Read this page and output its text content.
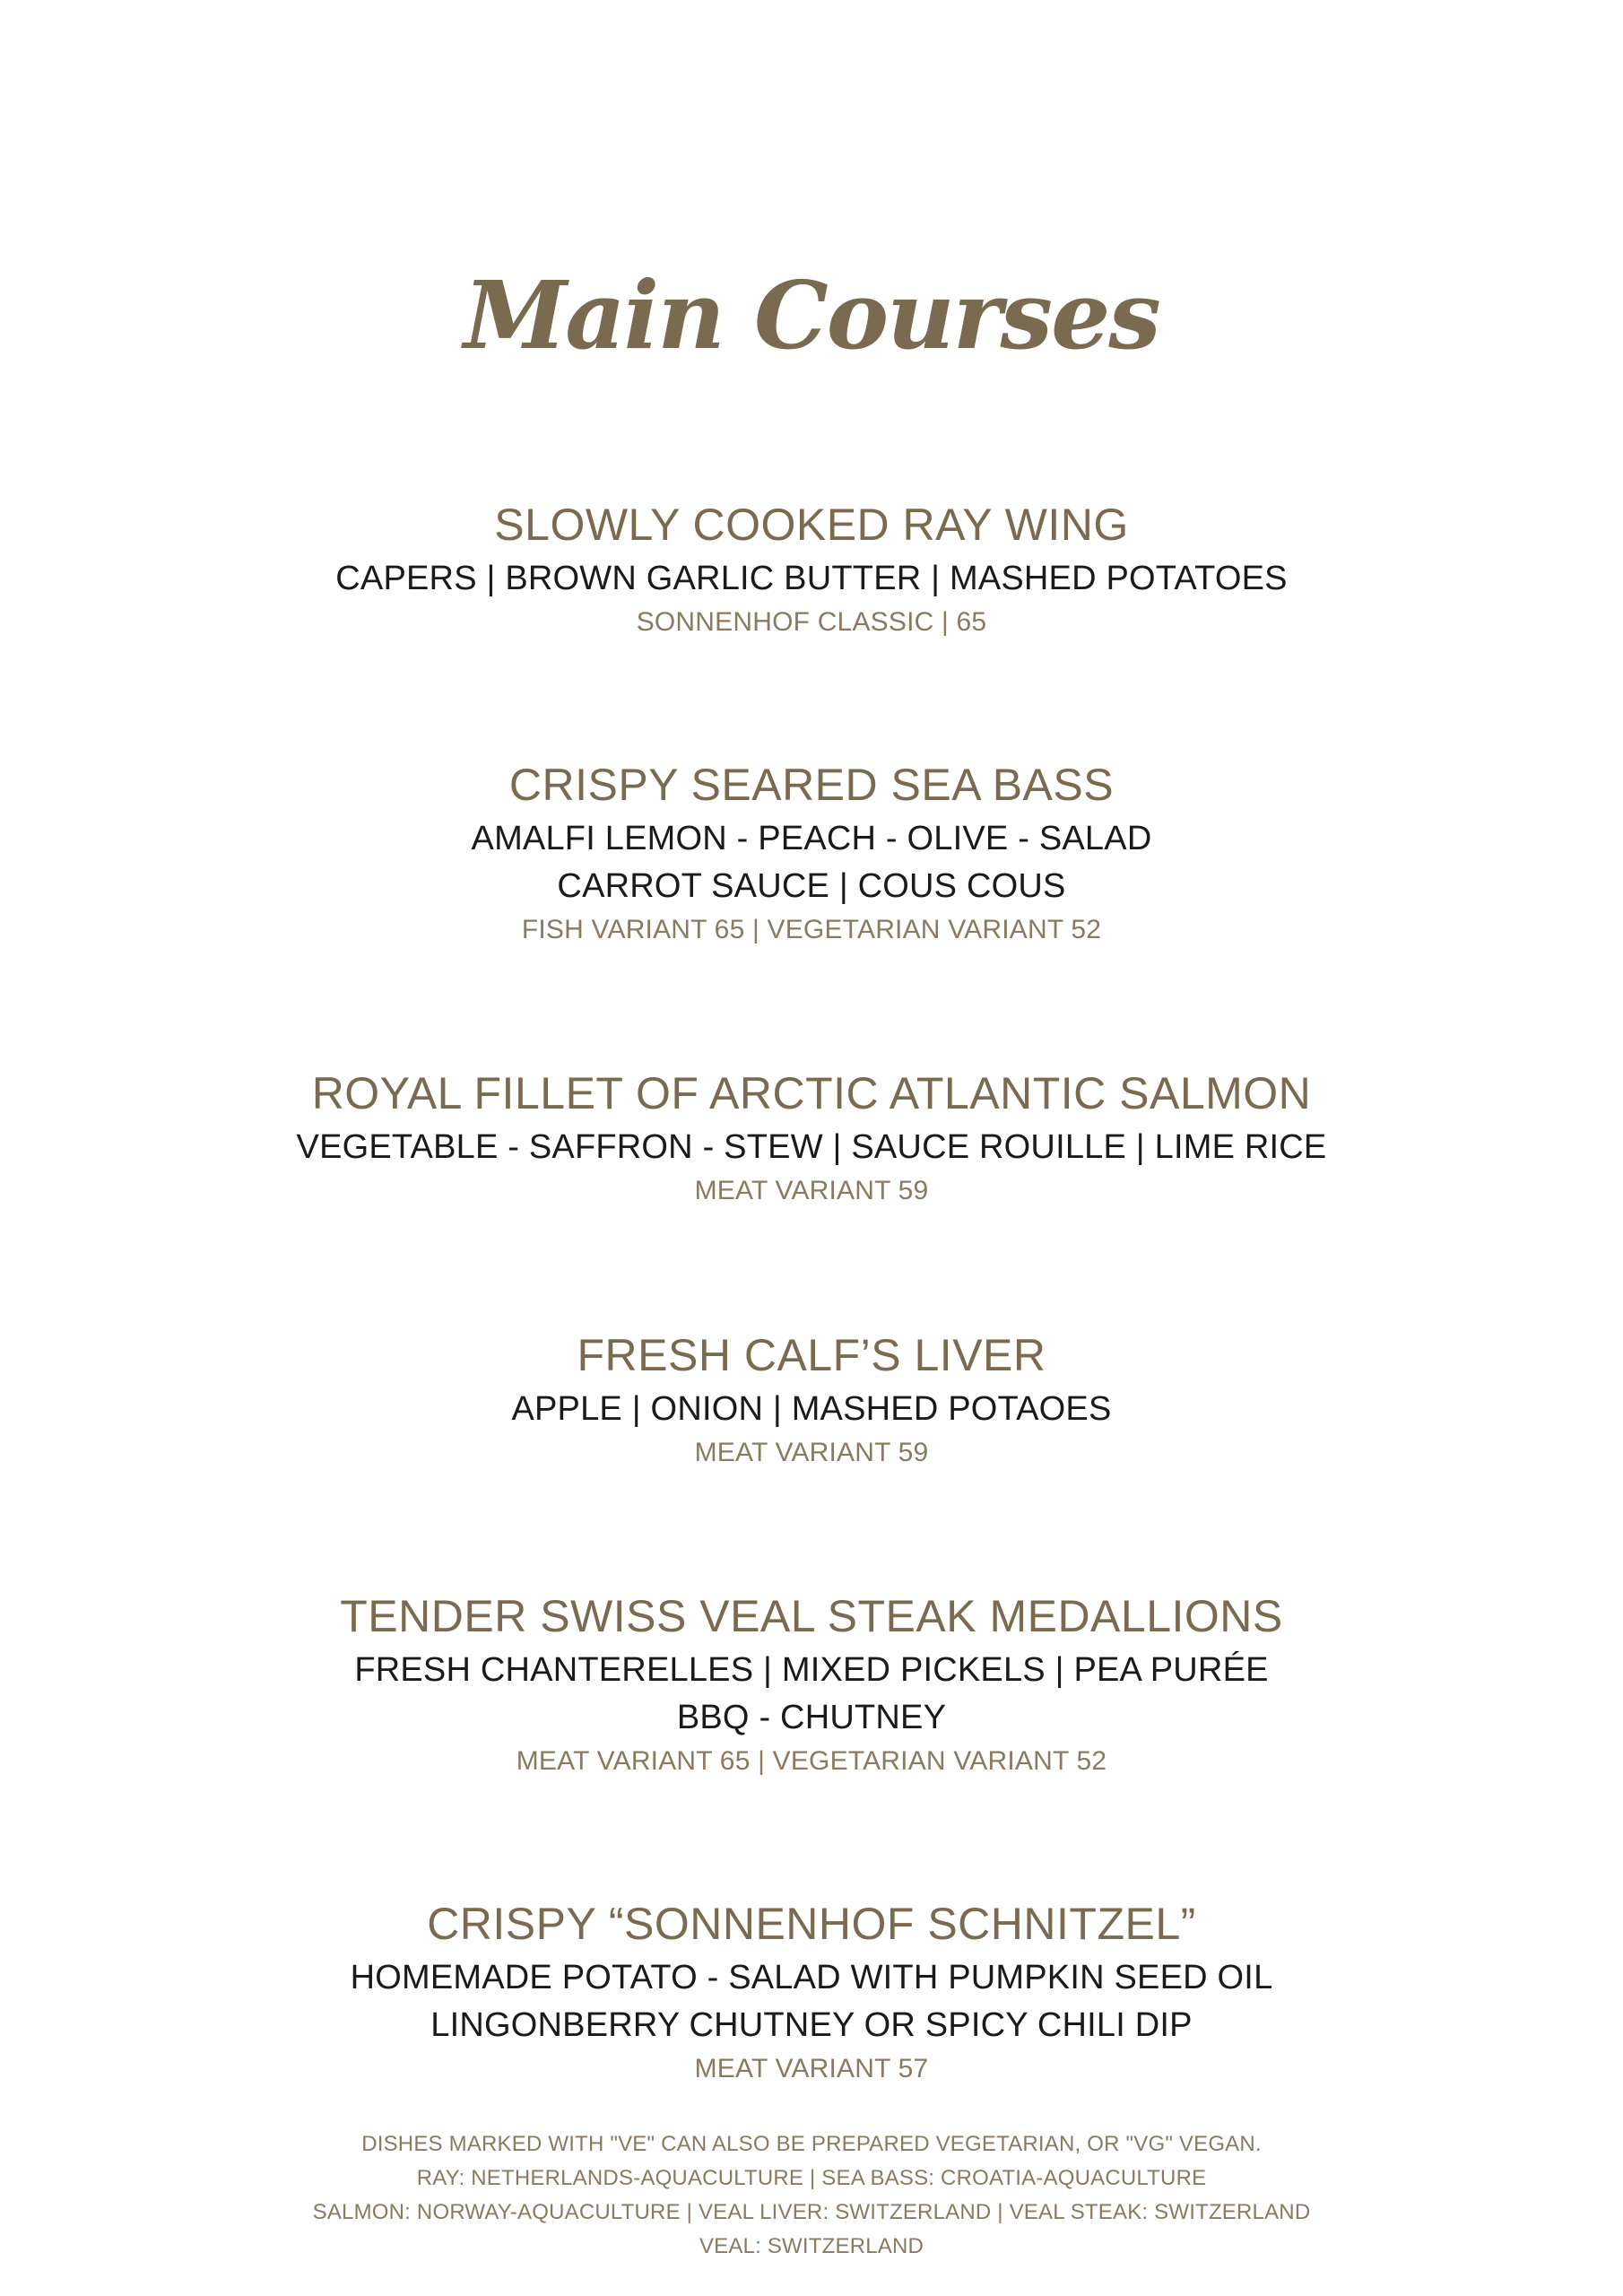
Main Courses
SLOWLY COOKED RAY WING
CAPERS | BROWN GARLIC BUTTER | MASHED POTATOES
SONNENHOF CLASSIC | 65
CRISPY SEARED SEA BASS
AMALFI LEMON - PEACH - OLIVE - SALAD
CARROT SAUCE | COUS COUS
FISH VARIANT 65 | VEGETARIAN VARIANT 52
ROYAL FILLET OF ARCTIC ATLANTIC SALMON
VEGETABLE - SAFFRON - STEW | SAUCE ROUILLE | LIME RICE
MEAT VARIANT 59
FRESH CALF’S LIVER
APPLE | ONION | MASHED POTAOES
MEAT VARIANT 59
TENDER SWISS VEAL STEAK MEDALLIONS
FRESH CHANTERELLES | MIXED PICKELS | PEA PURÉE
BBQ - CHUTNEY
MEAT VARIANT 65 | VEGETARIAN VARIANT 52
CRISPY “SONNENHOF SCHNITZEL”
HOMEMADE POTATO - SALAD WITH PUMPKIN SEED OIL
LINGONBERRY CHUTNEY OR SPICY CHILI DIP
MEAT VARIANT 57
DISHES MARKED WITH "VE" CAN ALSO BE PREPARED VEGETARIAN, OR "VG" VEGAN.
RAY: NETHERLANDS-AQUACULTURE | SEA BASS: CROATIA-AQUACULTURE
SALMON: NORWAY-AQUACULTURE | VEAL LIVER: SWITZERLAND | VEAL STEAK: SWITZERLAND
VEAL: SWITZERLAND
